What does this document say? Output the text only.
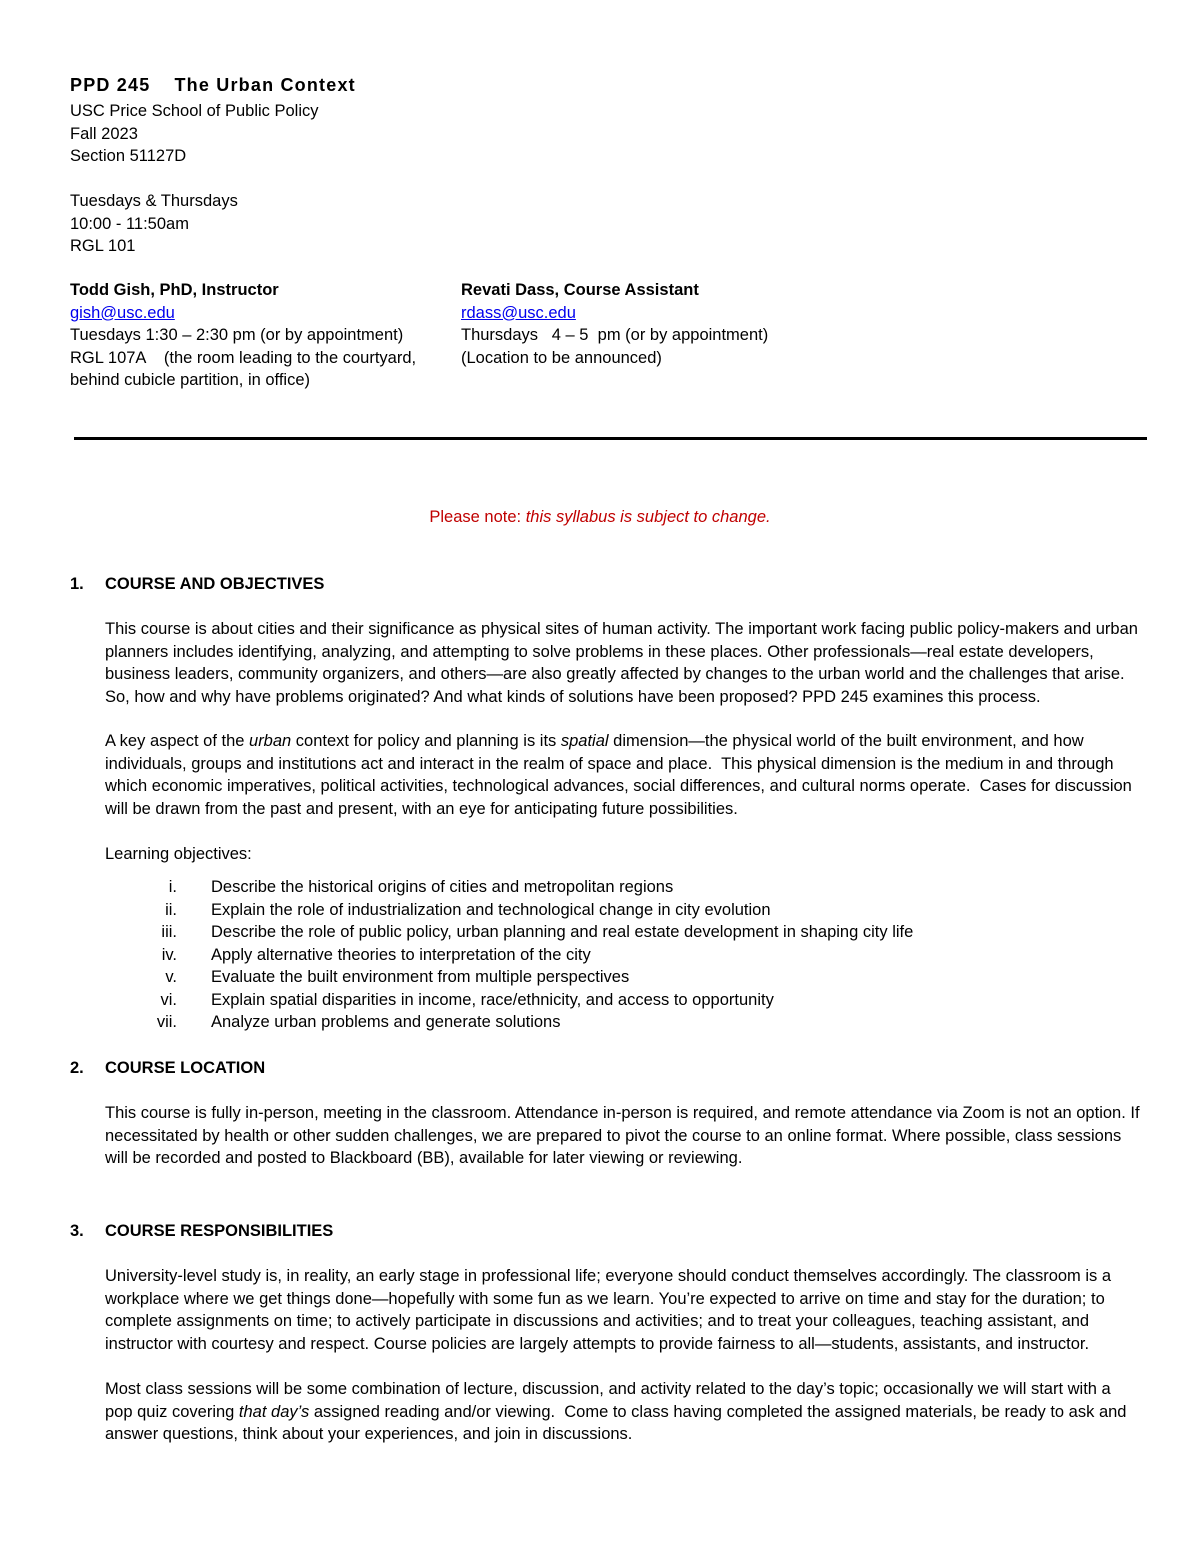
PPD 245 The Urban Context
USC Price School of Public Policy
Fall 2023
Section 51127D
Tuesdays & Thursdays
10:00 - 11:50am
RGL 101
Todd Gish, PhD, Instructor
gish@usc.edu
Tuesdays 1:30 – 2:30 pm (or by appointment)
RGL 107A    (the room leading to the courtyard,
behind cubicle partition, in office)
Revati Dass, Course Assistant
rdass@usc.edu
Thursdays   4 – 5  pm (or by appointment)
(Location to be announced)
Please note: this syllabus is subject to change.
1. COURSE AND OBJECTIVES

This course is about cities and their significance as physical sites of human activity. The important work facing public policy-makers and urban planners includes identifying, analyzing, and attempting to solve problems in these places. Other professionals—real estate developers, business leaders, community organizers, and others—are also greatly affected by changes to the urban world and the challenges that arise. So, how and why have problems originated? And what kinds of solutions have been proposed? PPD 245 examines this process.

A key aspect of the urban context for policy and planning is its spatial dimension—the physical world of the built environment, and how individuals, groups and institutions act and interact in the realm of space and place.  This physical dimension is the medium in and through which economic imperatives, political activities, technological advances, social differences, and cultural norms operate.  Cases for discussion will be drawn from the past and present, with an eye for anticipating future possibilities.

Learning objectives:

i. Describe the historical origins of cities and metropolitan regions
ii. Explain the role of industrialization and technological change in city evolution
iii. Describe the role of public policy, urban planning and real estate development in shaping city life
iv. Apply alternative theories to interpretation of the city
v. Evaluate the built environment from multiple perspectives
vi. Explain spatial disparities in income, race/ethnicity, and access to opportunity
vii. Analyze urban problems and generate solutions
2. COURSE LOCATION

This course is fully in-person, meeting in the classroom. Attendance in-person is required, and remote attendance via Zoom is not an option. If necessitated by health or other sudden challenges, we are prepared to pivot the course to an online format. Where possible, class sessions will be recorded and posted to Blackboard (BB), available for later viewing or reviewing.

3. COURSE RESPONSIBILITIES

University-level study is, in reality, an early stage in professional life; everyone should conduct themselves accordingly. The classroom is a workplace where we get things done—hopefully with some fun as we learn. You’re expected to arrive on time and stay for the duration; to complete assignments on time; to actively participate in discussions and activities; and to treat your colleagues, teaching assistant, and instructor with courtesy and respect. Course policies are largely attempts to provide fairness to all—students, assistants, and instructor.

Most class sessions will be some combination of lecture, discussion, and activity related to the day’s topic; occasionally we will start with a pop quiz covering that day’s assigned reading and/or viewing.  Come to class having completed the assigned materials, be ready to ask and answer questions, think about your experiences, and join in discussions.
